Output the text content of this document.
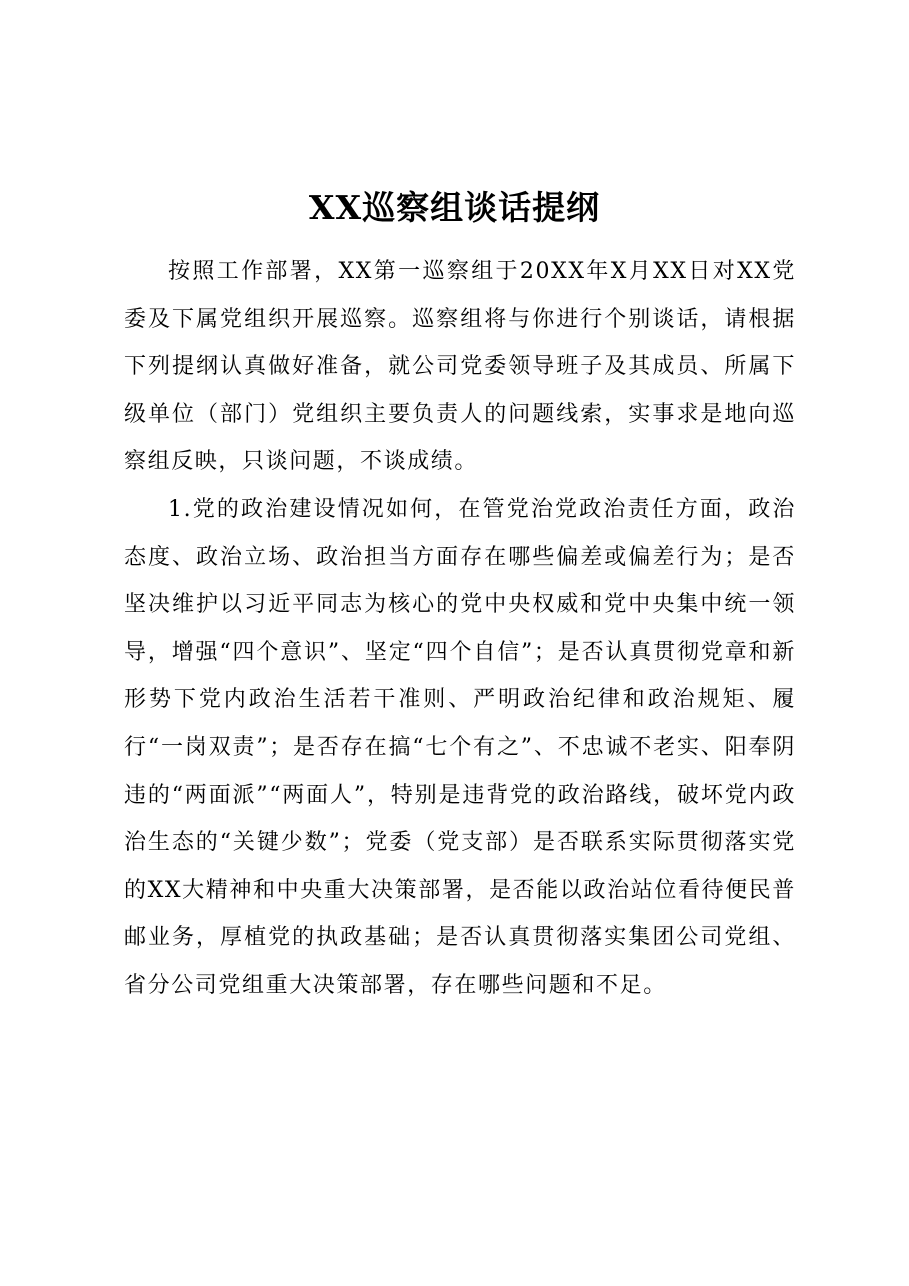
XX巡察组谈话提纲

按照工作部署，XX第一巡察组于20XX年X月XX日对XX党委及下属党组织开展巡察。巡察组将与你进行个别谈话，请根据下列提纲认真做好准备，就公司党委领导班子及其成员、所属下级单位（部门）党组织主要负责人的问题线索，实事求是地向巡察组反映，只谈问题，不谈成绩。

1.党的政治建设情况如何，在管党治党政治责任方面，政治态度、政治立场、政治担当方面存在哪些偏差或偏差行为；是否坚决维护以习近平同志为核心的党中央权威和党中央集中统一领导，增强“四个意识”、坚定“四个自信”；是否认真贯彻党章和新形势下党内政治生活若干准则、严明政治纪律和政治规矩、履行“一岗双责”；是否存在搞“七个有之”、不忠诚不老实、阳奉阴违的“两面派”“两面人”，特别是违背党的政治路线，破坏党内政治生态的“关键少数”；党委（党支部）是否联系实际贯彻落实党的XX大精神和中央重大决策部署，是否能以政治站位看待便民普邮业务，厚植党的执政基础；是否认真贯彻落实集团公司党组、省分公司党组重大决策部署，存在哪些问题和不足。
